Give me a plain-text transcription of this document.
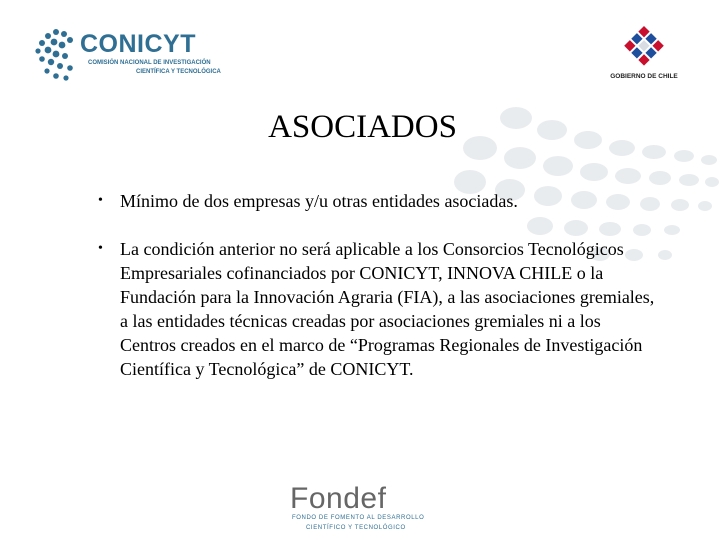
CONICYT
COMISIÓN NACIONAL DE INVESTIGACIÓN
CIENTÍFICA Y TECNOLÓGICA
GOBIERNO DE CHILE
ASOCIADOS
• Mínimo de dos empresas y/u otras entidades asociadas.
• La condición anterior no será aplicable a los Consorcios Tecnológicos Empresariales cofinanciados por CONICYT, INNOVA CHILE o la Fundación para la Innovación Agraria (FIA), a las asociaciones gremiales, a las entidades técnicas creadas por asociaciones gremiales ni a los Centros creados en el marco de “Programas Regionales de Investigación Científica y Tecnológica” de CONICYT.
Fondef
FONDO DE FOMENTO AL DESARROLLO
CIENTÍFICO Y TECNOLÓGICO
